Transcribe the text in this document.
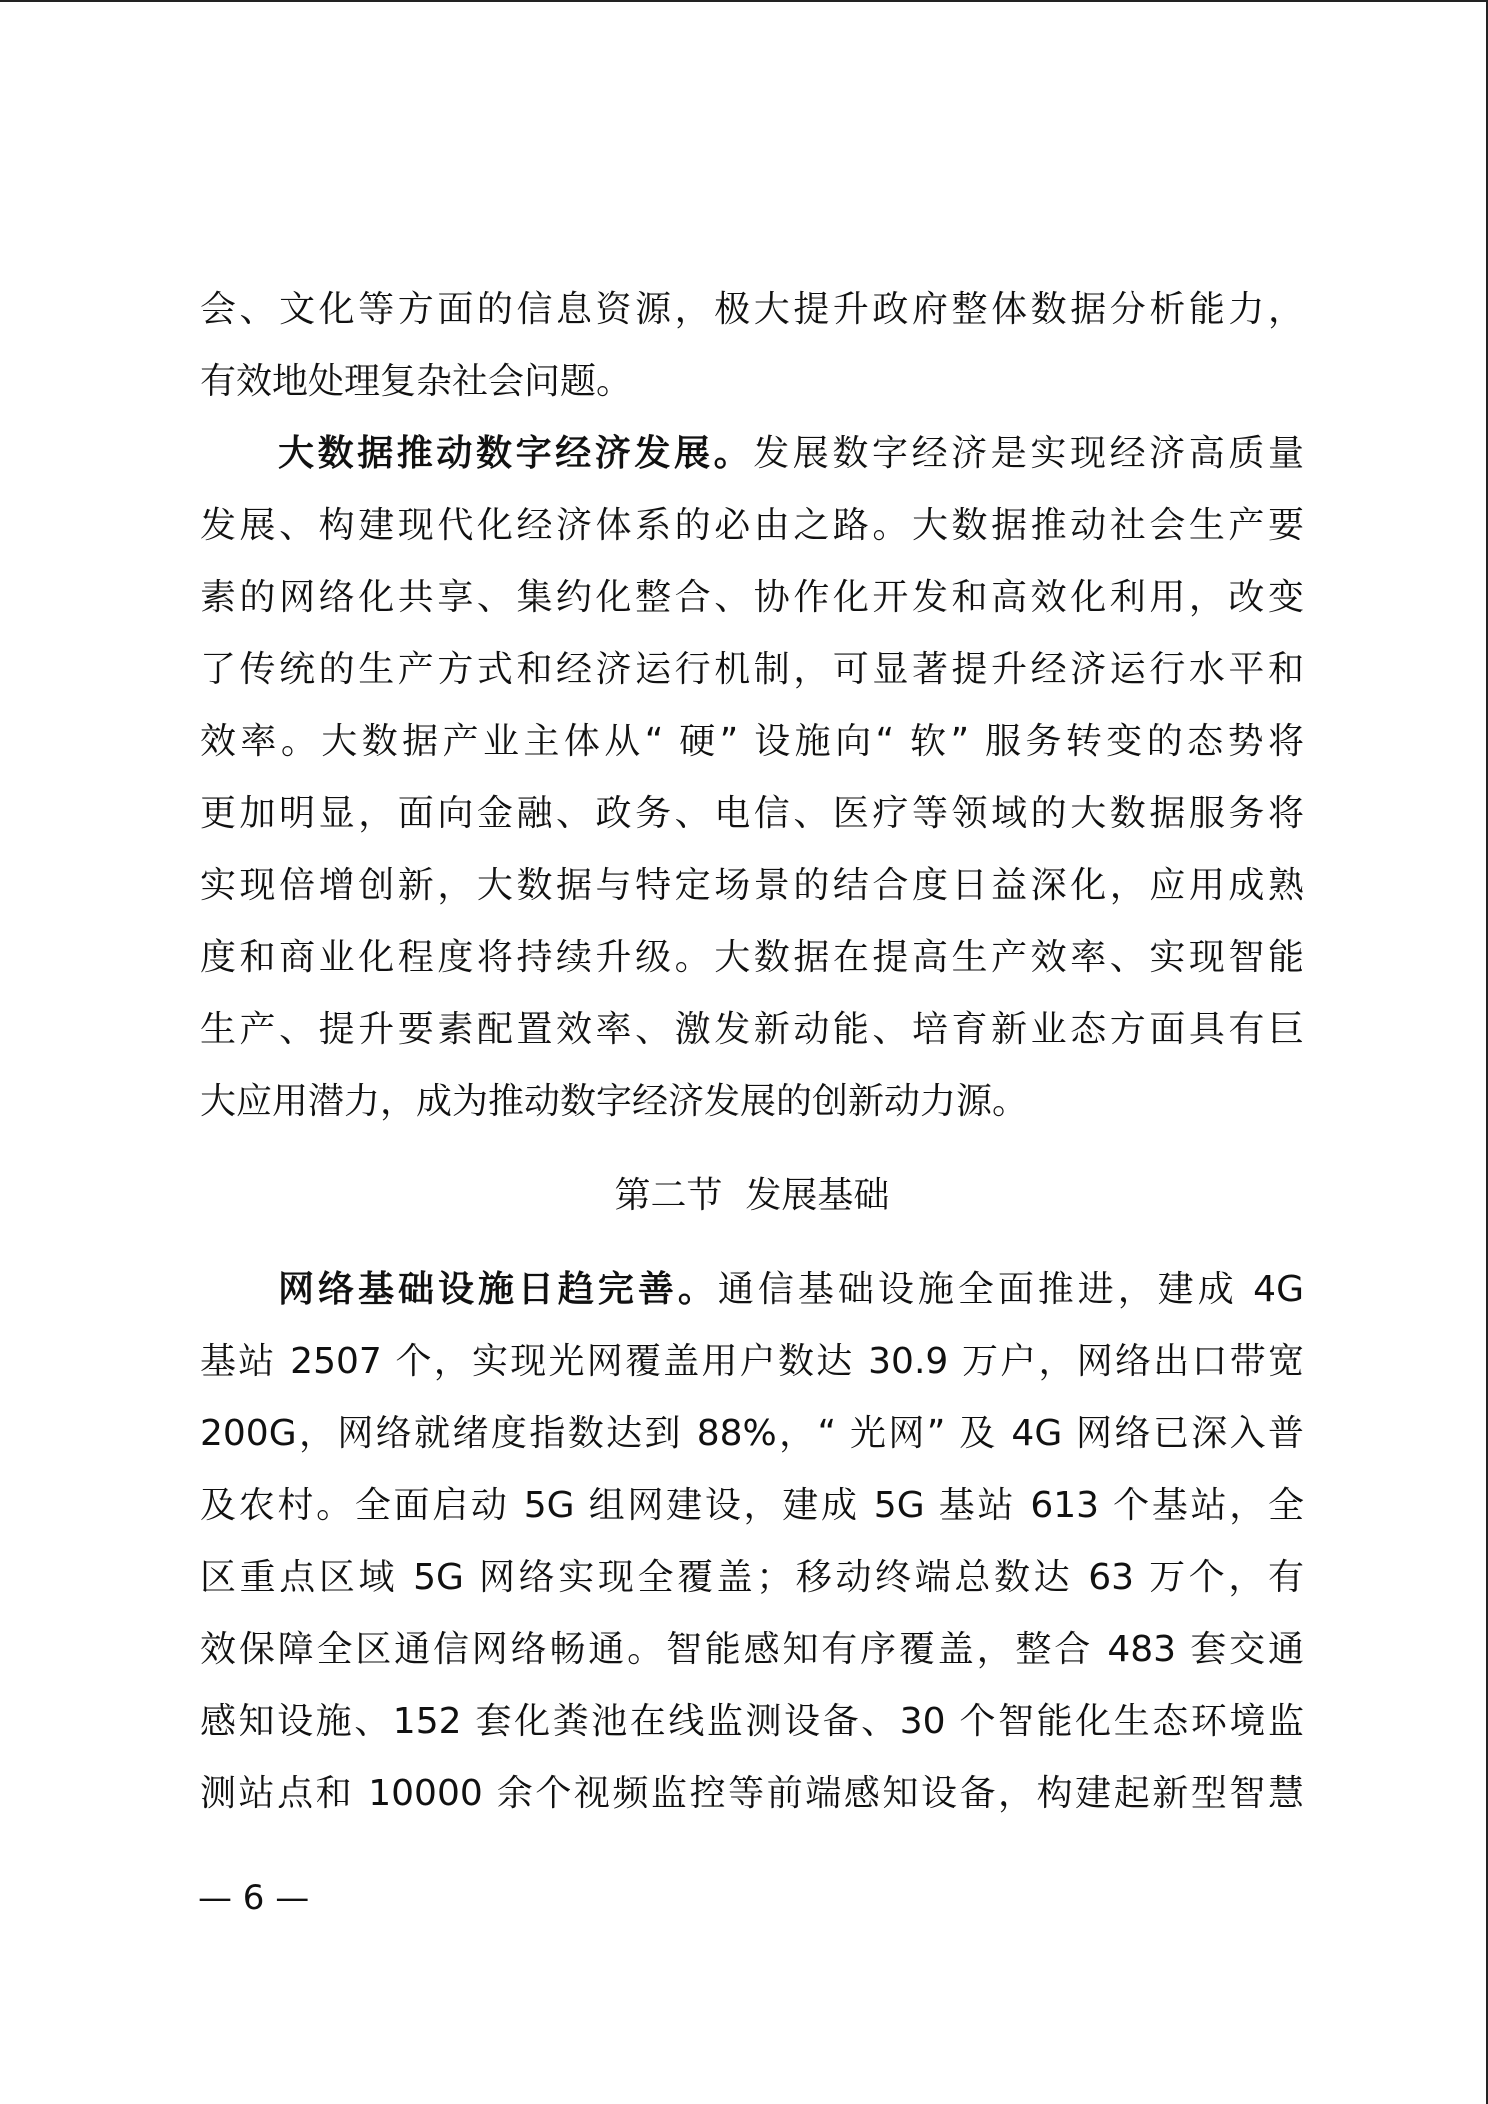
会、文化等方面的信息资源，极大提升政府整体数据分析能力，
有效地处理复杂社会问题。
大数据推动数字经济发展。发展数字经济是实现经济高质量
发展、构建现代化经济体系的必由之路。大数据推动社会生产要
素的网络化共享、集约化整合、协作化开发和高效化利用，改变
了传统的生产方式和经济运行机制，可显著提升经济运行水平和
效率。大数据产业主体从“ 硬” 设施向“ 软” 服务转变的态势将
更加明显，面向金融、政务、电信、医疗等领域的大数据服务将
实现倍增创新，大数据与特定场景的结合度日益深化，应用成熟
度和商业化程度将持续升级。大数据在提高生产效率、实现智能
生产、提升要素配置效率、激发新动能、培育新业态方面具有巨
大应用潜力，成为推动数字经济发展的创新动力源。
第二节  发展基础
网络基础设施日趋完善。通信基础设施全面推进，建成 4G
基站 2507 个，实现光网覆盖用户数达 30.9 万户，网络出口带宽
200G，网络就绪度指数达到 88%，“ 光网” 及 4G 网络已深入普
及农村。全面启动 5G 组网建设，建成 5G 基站 613 个基站，全
区重点区域 5G 网络实现全覆盖；移动终端总数达 63 万个，有
效保障全区通信网络畅通。智能感知有序覆盖，整合 483 套交通
感知设施、152 套化粪池在线监测设备、30 个智能化生态环境监
测站点和 10000 余个视频监控等前端感知设备，构建起新型智慧
— 6 —
